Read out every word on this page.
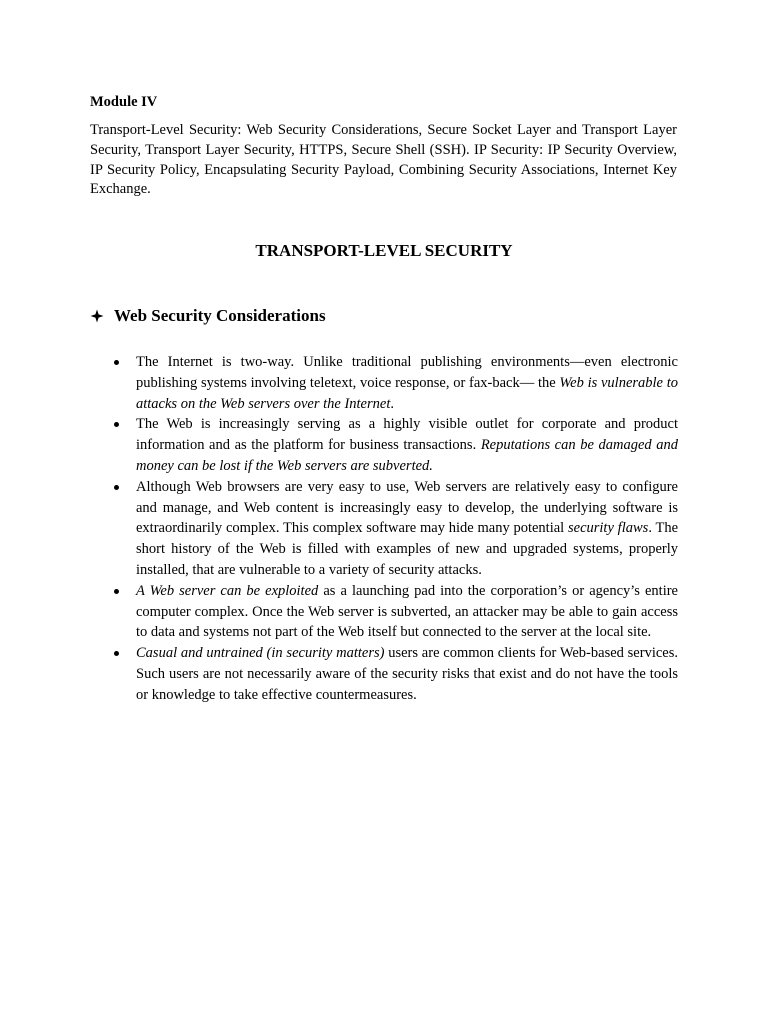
Module IV

Transport-Level Security: Web Security Considerations, Secure Socket Layer and Transport Layer Security, Transport Layer Security, HTTPS, Secure Shell (SSH). IP Security: IP Security Overview, IP Security Policy, Encapsulating Security Payload, Combining Security Associations, Internet Key Exchange.

TRANSPORT-LEVEL SECURITY
Web Security Considerations
The Internet is two-way. Unlike traditional publishing environments—even electronic publishing systems involving teletext, voice response, or fax-back— the Web is vulnerable to attacks on the Web servers over the Internet.
The Web is increasingly serving as a highly visible outlet for corporate and product information and as the platform for business transactions. Reputations can be damaged and money can be lost if the Web servers are subverted.
Although Web browsers are very easy to use, Web servers are relatively easy to configure and manage, and Web content is increasingly easy to develop, the underlying software is extraordinarily complex. This complex software may hide many potential security flaws. The short history of the Web is filled with examples of new and upgraded systems, properly installed, that are vulnerable to a variety of security attacks.
A Web server can be exploited as a launching pad into the corporation’s or agency’s entire computer complex. Once the Web server is subverted, an attacker may be able to gain access to data and systems not part of the Web itself but connected to the server at the local site.
Casual and untrained (in security matters) users are common clients for Web-based services. Such users are not necessarily aware of the security risks that exist and do not have the tools or knowledge to take effective countermeasures.
